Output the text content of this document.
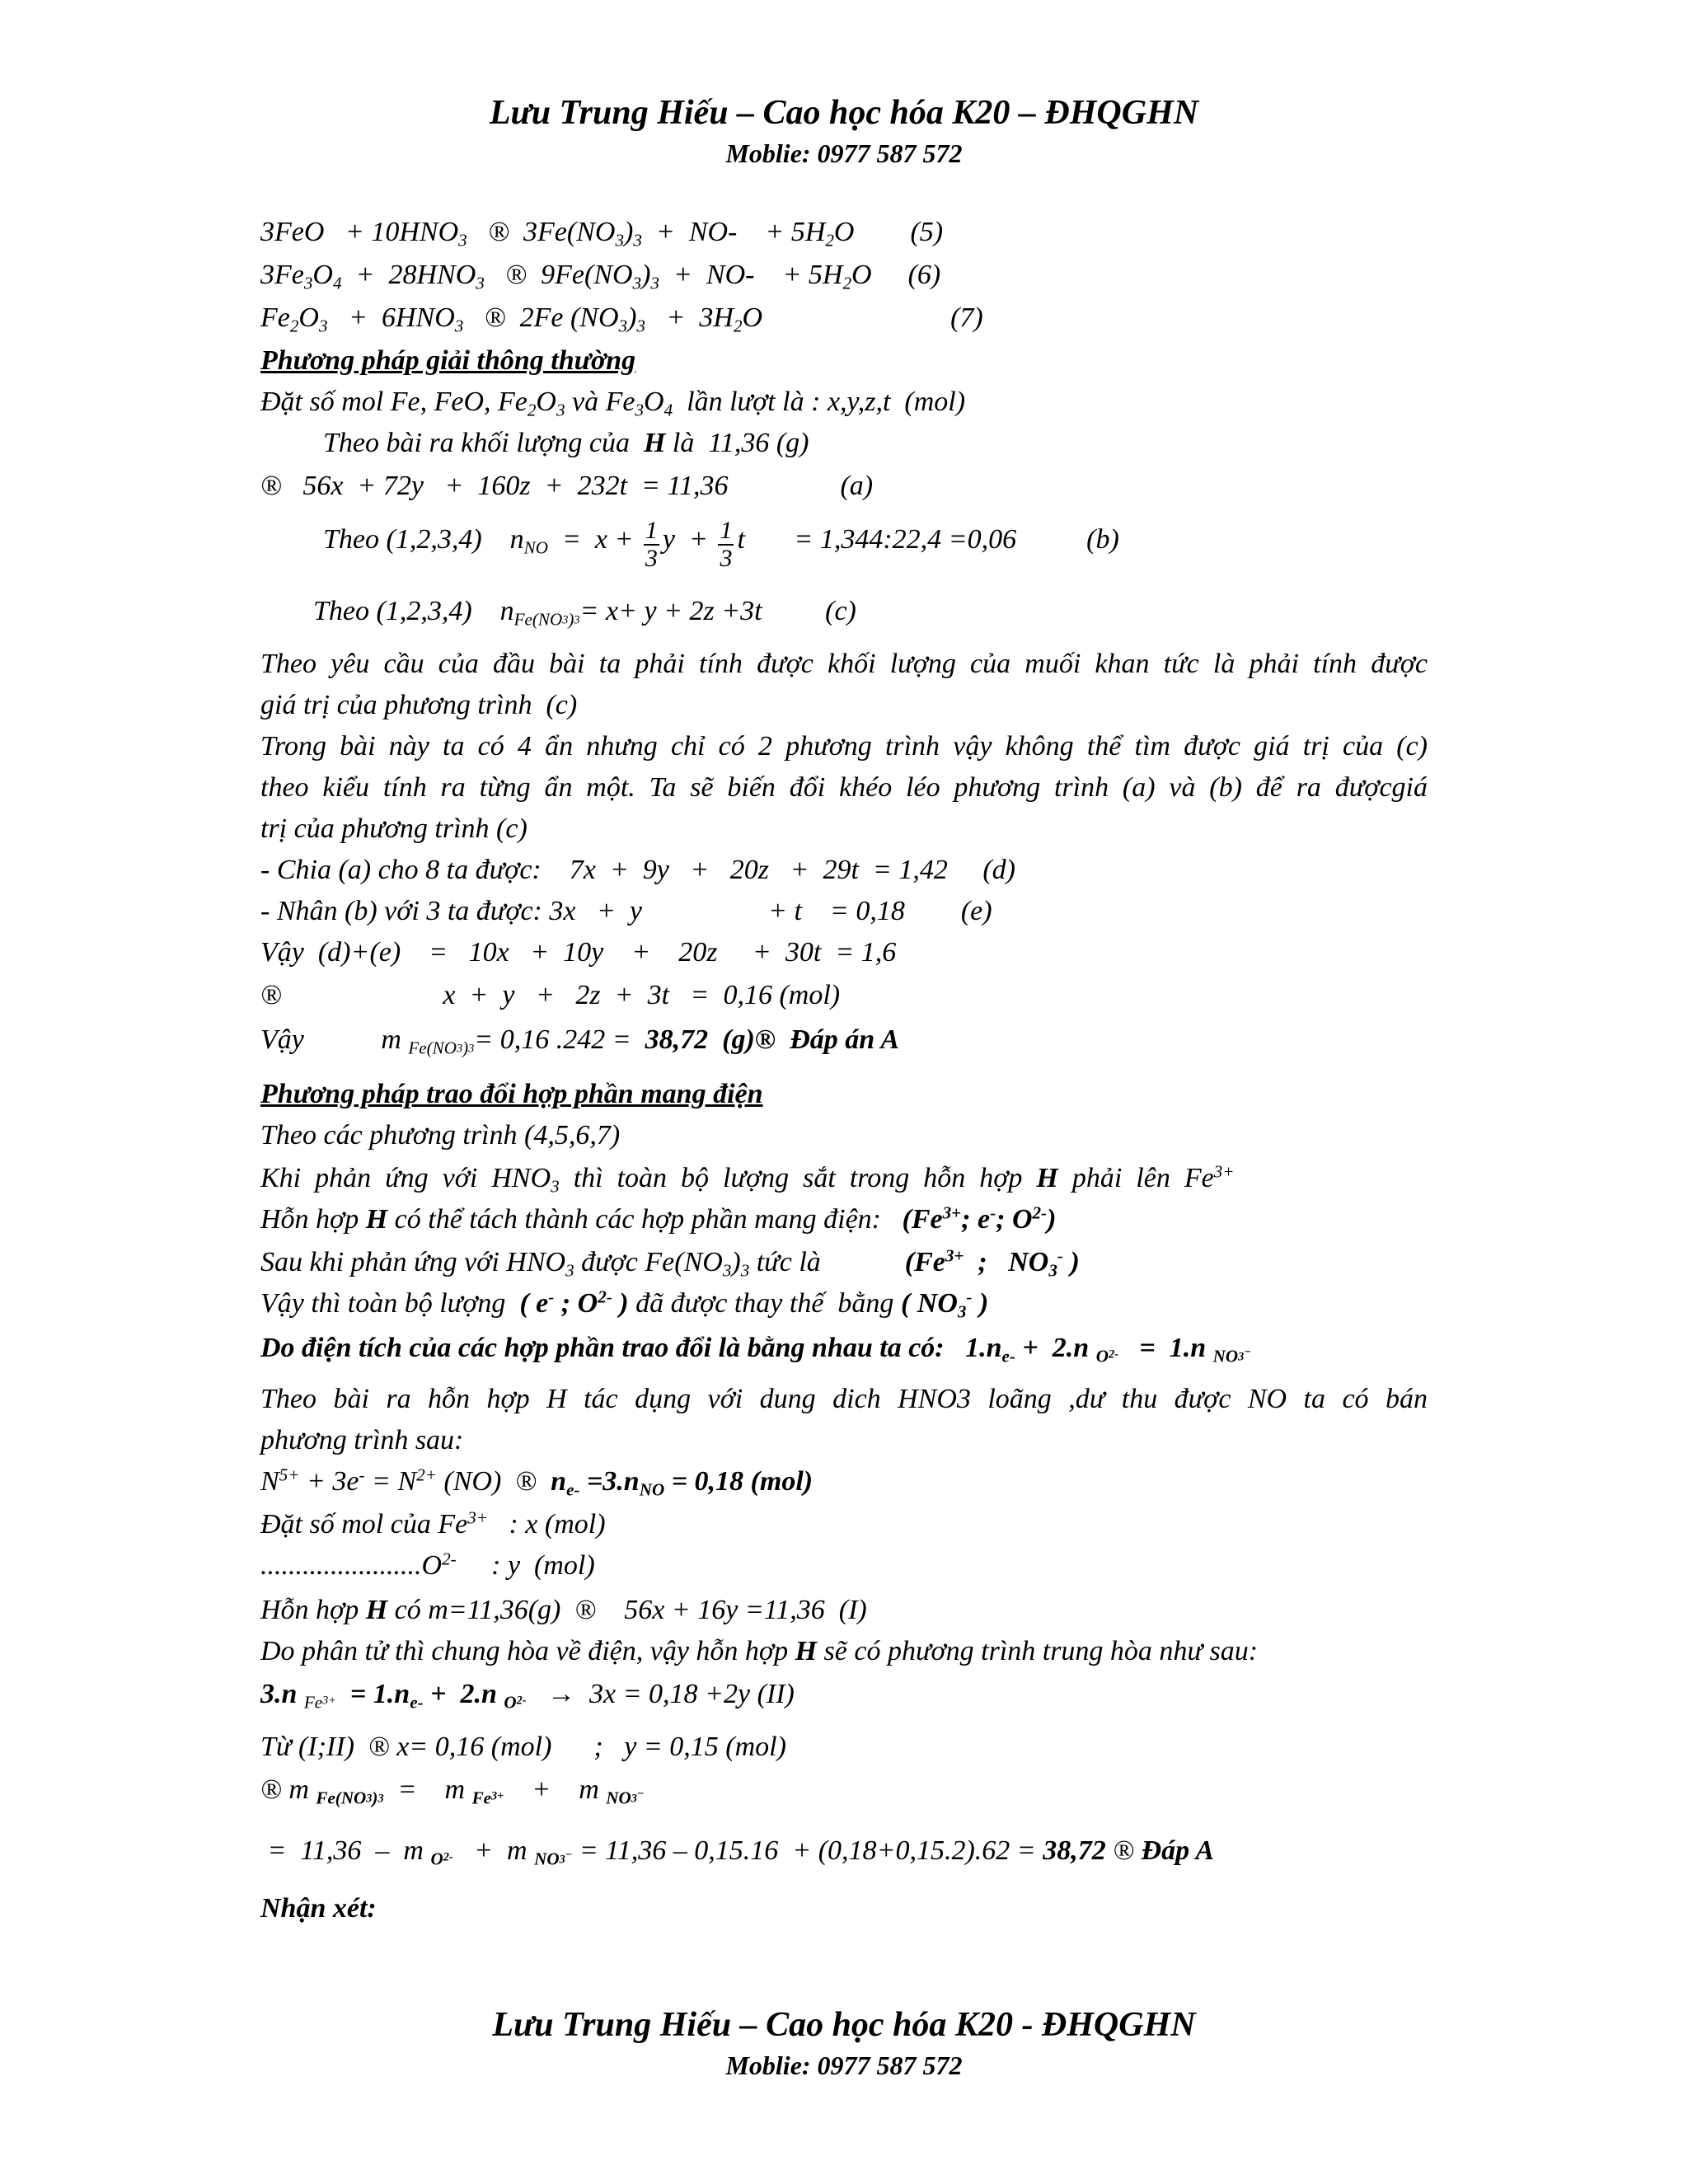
Lưu Trung Hiếu – Cao học hóa K20 – ĐHQGHN
Moblie: 0977 587 572
$3FeO + 10HNO_3$   ®  $3Fe(NO_3)_3 + NO-$    + $5H_2O$ (5)
$3Fe_3O_4 + 28HNO_3$   ®  $9Fe(NO_3)_3 + NO-$    + $5H_2O$ (6)
$Fe_2O_3 + 6HNO_3$   ®  2Fe $(NO_3)_3 + 3H_2O$	(7)
Phương pháp giải thông thường
Đặt số mol Fe, FeO, $Fe_2O_3$ và $Fe_3O_4$  lần lượt là : x,y,z,t  (mol)
Theo bài ra khối lượng của  H là  11,36 (g)
®   56x  + 72y   +  160z  +  232t  = 11,36                (a)
Theo (1,2,3,4)    $n_{NO} = x + \frac{1}{3}$ $y + \frac{1}{3}$ t       = 1,344:22,4 =0,06          (b)
Theo (1,2,3,4)    $n_{Fe(NO3)3}= x+ y + 2z +3t$         (c)
Theo yêu cầu của đầu bài ta phải tính được khối lượng của muối khan tức là phải tính được
giá trị của phương trình  (c)
Trong bài này ta có 4 ẩn nhưng chỉ có 2 phương trình vậy không thể tìm được giá trị của (c)
theo kiểu tính ra từng ẩn một. Ta sẽ biến đổi khéo léo phương trình (a) và (b) để ra đượcgiá
trị của phương trình (c)
- Chia (a) cho 8 ta được:    7x  +  9y   +   20z   +  29t  = 1,42     (d)
- Nhân (b) với 3 ta được: 3x   +  y                  + t    = 0,18        (e)
Vậy  (d)+(e)    =   10x   +  10y    +    20z     +  30t  = 1,6
®                       x  +  y   +   2z  +  3t   =  0,16 (mol)
Vậy           m $_{Fe(NO3)3}$= 0,16 .242 =  38,72  (g)®  Đáp án A
Phương pháp trao đổi hợp phần mang điện
Theo các phương trình (4,5,6,7)
Khi  phản  ứng  với  $HNO_3$  thì  toàn  bộ  lượng  sắt  trong  hỗn  hợp  H  phải  lên  $Fe^{3+}$
Hỗn hợp H có thể tách thành các hợp phần mang điện:   ($Fe^{3+}$; e-; $O^{2-}$)
Sau khi phản ứng với $HNO_3$ được $Fe(NO_3)_3$ tức là            ($Fe^{3+}$  ;   $NO_3^-$ )
Vậy thì toàn bộ lượng  ( e- ; $O^{2-}$ ) đã được thay thế  bằng ( $NO_3^-$ )
Do điện tích của các hợp phần trao đổi là bằng nhau ta có:   $1.n_{e-} + 2.n$ $_{O2-}$   =  1.n $_{NO3-}$
Theo bài ra hỗn hợp H tác dụng với dung dich HNO3 loãng ,dư thu được NO ta có bán
phương trình sau:
$N^{5+} + 3e^- = N^{2+}$ (NO)  ®  $n_{e-} =3.n_{NO} = 0,18$ (mol)
Đặt số mol của $Fe^{3+}$   : x (mol)
$.......................O^{2-}$     : y  (mol)
Hỗn hợp H có m=11,36(g)  ®    56x + 16y =11,36  (I)
Do phân tử thì chung hòa về điện, vậy hỗn hợp H sẽ có phương trình trung hòa như sau:
3.n $_{Fe3+} = 1.n_{e-} + 2.n$ $_{O2-}$   →  3x = 0,18 +2y (II)
Từ (I;II)  ® x= 0,16 (mol)      ;   y = 0,15 (mol)
® m $_{Fe(NO3)3}$  =    m $_{Fe3+}$    +    m $_{NO3-}$
=  11,36  –  m $_{O2-}$   +  m $_{NO3-}$ = 11,36 – 0,15.16  + (0,18+0,15.2).62 = 38,72 ® Đáp A
Nhận xét:
Lưu Trung Hiếu – Cao học hóa K20 - ĐHQGHN
Moblie: 0977 587 572
